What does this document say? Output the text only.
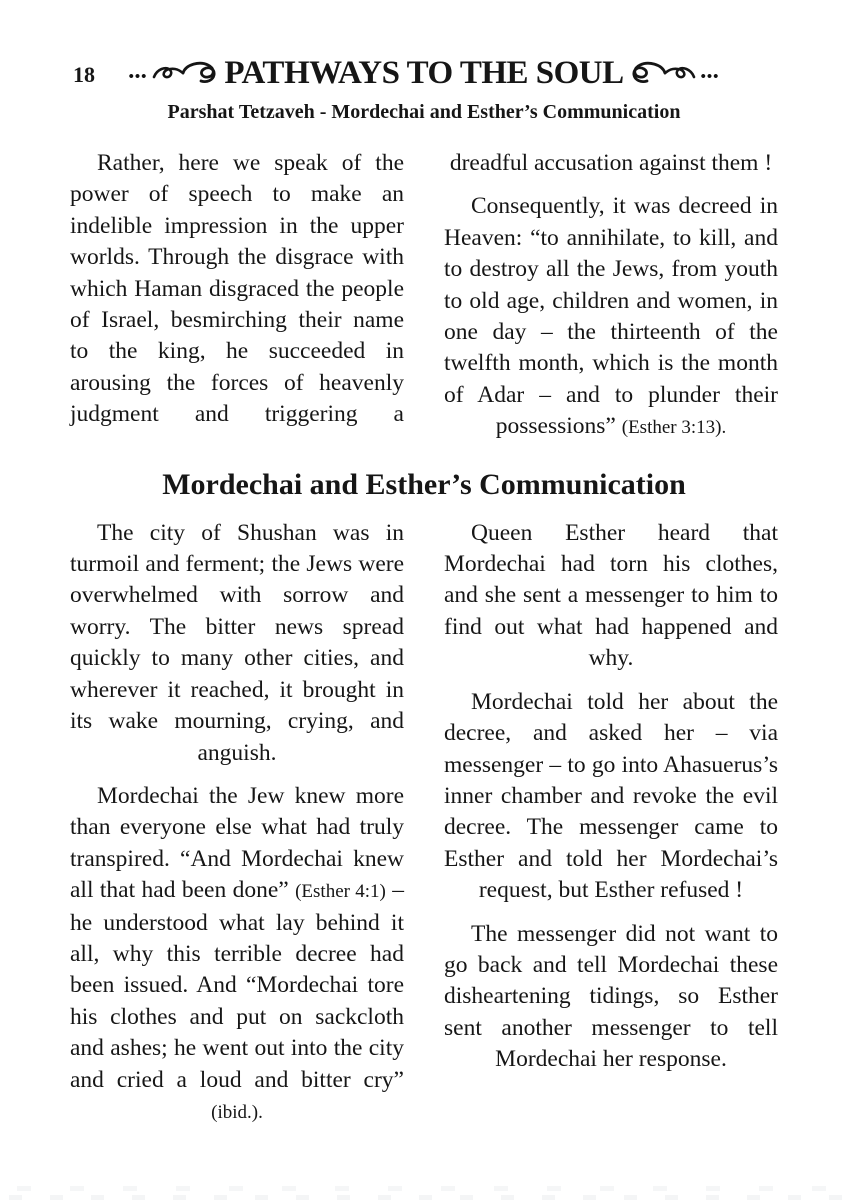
18 ••• PATHWAYS TO THE SOUL	•••
Parshat Tetzaveh - Mordechai and Esther’s Communication

Rather, here we speak of the power of speech to make an indelible impression in the upper worlds. Through the disgrace with which Haman disgraced the people of Israel, besmirching their name to the king, he succeeded in arousing the forces of heavenly judgment and triggering a

dreadful accusation against them !

Consequently, it was decreed in Heaven: “to annihilate, to kill, and to destroy all the Jews, from youth to old age, children and women, in one day – the thirteenth of the twelfth month, which is the month of Adar – and to plunder their possessions” (Esther 3:13).

Mordechai and Esther’s Communication

The city of Shushan was in turmoil and ferment; the Jews were overwhelmed with sorrow and worry. The bitter news spread quickly to many other cities, and wherever it reached, it brought in its wake mourning, crying, and anguish.

Mordechai the Jew knew more than everyone else what had truly transpired. “And Mordechai knew all that had been done” (Esther 4:1) – he understood what lay behind it all, why this terrible decree had been issued. And “Mordechai tore his clothes and put on sackcloth and ashes; he went out into the city and cried a loud and bitter cry” (ibid.).

Queen Esther heard that Mordechai had torn his clothes, and she sent a messenger to him to find out what had happened and why.

Mordechai told her about the decree, and asked her – via messenger – to go into Ahasuerus’s inner chamber and revoke the evil decree. The messenger came to Esther and told her Mordechai’s request, but Esther refused !

The messenger did not want to go back and tell Mordechai these disheartening tidings, so Esther sent another messenger to tell Mordechai her response.
